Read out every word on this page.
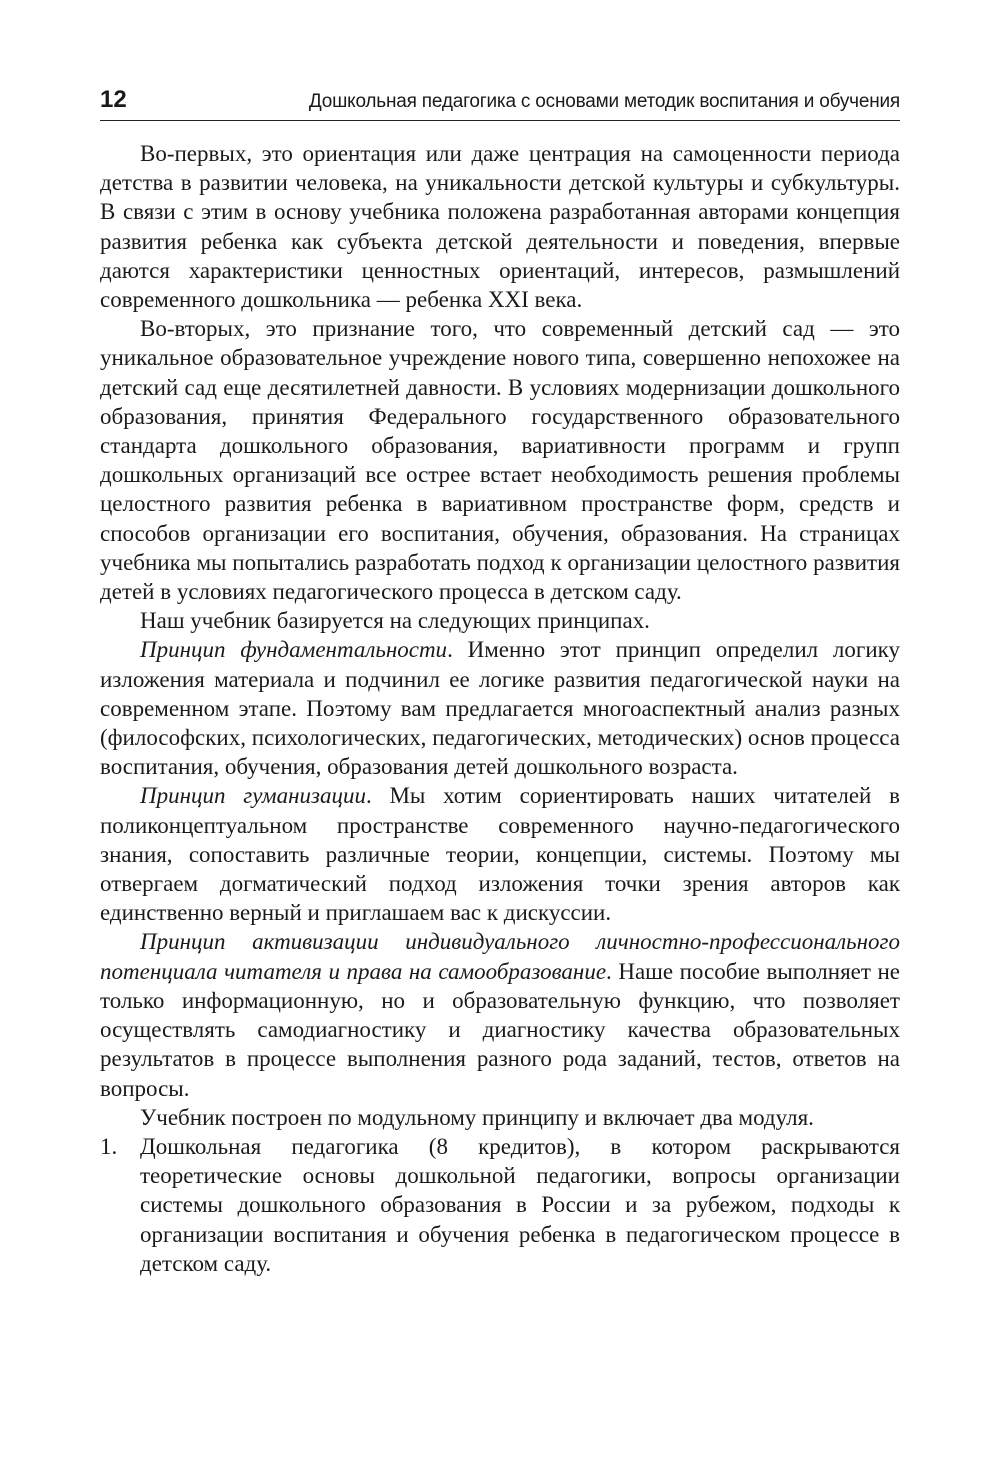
12	Дошкольная педагогика с основами методик воспитания и обучения

Во-первых, это ориентация или даже центрация на самоценности периода детства в развитии человека, на уникальности детской культуры и субкультуры. В связи с этим в основу учебника положена разработанная авторами концепция развития ребенка как субъекта детской деятельности и поведения, впервые даются характеристики ценностных ориентаций, интересов, размышлений современного дошкольника — ребенка XXI века.

Во-вторых, это признание того, что современный детский сад — это уникальное образовательное учреждение нового типа, совершенно непохожее на детский сад еще десятилетней давности. В условиях модернизации дошкольного образования, принятия Федерального государственного образовательного стандарта дошкольного образования, вариативности программ и групп дошкольных организаций все острее встает необходимость решения проблемы целостного развития ребенка в вариативном пространстве форм, средств и способов организации его воспитания, обучения, образования. На страницах учебника мы попытались разработать подход к организации целостного развития детей в условиях педагогического процесса в детском саду.

Наш учебник базируется на следующих принципах.

Принцип фундаментальности. Именно этот принцип определил логику изложения материала и подчинил ее логике развития педагогической науки на современном этапе. Поэтому вам предлагается многоаспектный анализ разных (философских, психологических, педагогических, методических) основ процесса воспитания, обучения, образования детей дошкольного возраста.

Принцип гуманизации. Мы хотим сориентировать наших читателей в поликонцептуальном пространстве современного научно-педагогического знания, сопоставить различные теории, концепции, системы. Поэтому мы отвергаем догматический подход изложения точки зрения авторов как единственно верный и приглашаем вас к дискуссии.

Принцип активизации индивидуального личностно-профессионального потенциала читателя и права на самообразование. Наше пособие выполняет не только информационную, но и образовательную функцию, что позволяет осуществлять самодиагностику и диагностику качества образовательных результатов в процессе выполнения разного рода заданий, тестов, ответов на вопросы.

Учебник построен по модульному принципу и включает два модуля.

1. Дошкольная педагогика (8 кредитов), в котором раскрываются теоретические основы дошкольной педагогики, вопросы организации системы дошкольного образования в России и за рубежом, подходы к организации воспитания и обучения ребенка в педагогическом процессе в детском саду.
